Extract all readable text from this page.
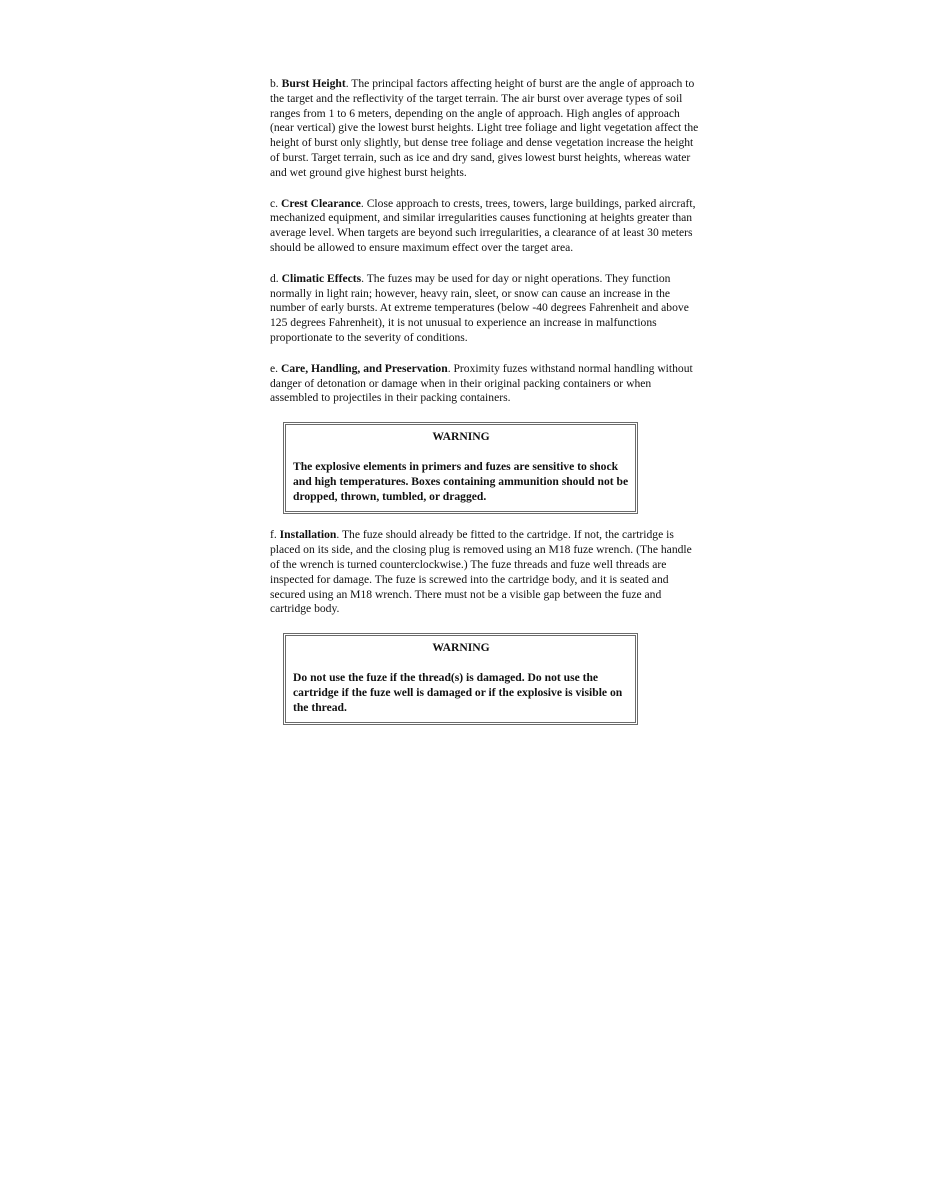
b. Burst Height. The principal factors affecting height of burst are the angle of approach to the target and the reflectivity of the target terrain. The air burst over average types of soil ranges from 1 to 6 meters, depending on the angle of approach. High angles of approach (near vertical) give the lowest burst heights. Light tree foliage and light vegetation affect the height of burst only slightly, but dense tree foliage and dense vegetation increase the height of burst. Target terrain, such as ice and dry sand, gives lowest burst heights, whereas water and wet ground give highest burst heights.

c. Crest Clearance. Close approach to crests, trees, towers, large buildings, parked aircraft, mechanized equipment, and similar irregularities causes functioning at heights greater than average level. When targets are beyond such irregularities, a clearance of at least 30 meters should be allowed to ensure maximum effect over the target area.

d. Climatic Effects. The fuzes may be used for day or night operations. They function normally in light rain; however, heavy rain, sleet, or snow can cause an increase in the number of early bursts. At extreme temperatures (below -40 degrees Fahrenheit and above 125 degrees Fahrenheit), it is not unusual to experience an increase in malfunctions proportionate to the severity of conditions.

e. Care, Handling, and Preservation. Proximity fuzes withstand normal handling without danger of detonation or damage when in their original packing containers or when assembled to projectiles in their packing containers.

WARNING

The explosive elements in primers and fuzes are sensitive to shock and high temperatures. Boxes containing ammunition should not be dropped, thrown, tumbled, or dragged.

f. Installation. The fuze should already be fitted to the cartridge. If not, the cartridge is placed on its side, and the closing plug is removed using an M18 fuze wrench. (The handle of the wrench is turned counterclockwise.) The fuze threads and fuze well threads are inspected for damage. The fuze is screwed into the cartridge body, and it is seated and secured using an M18 wrench. There must not be a visible gap between the fuze and cartridge body.

WARNING

Do not use the fuze if the thread(s) is damaged. Do not use the cartridge if the fuze well is damaged or if the explosive is visible on the thread.
